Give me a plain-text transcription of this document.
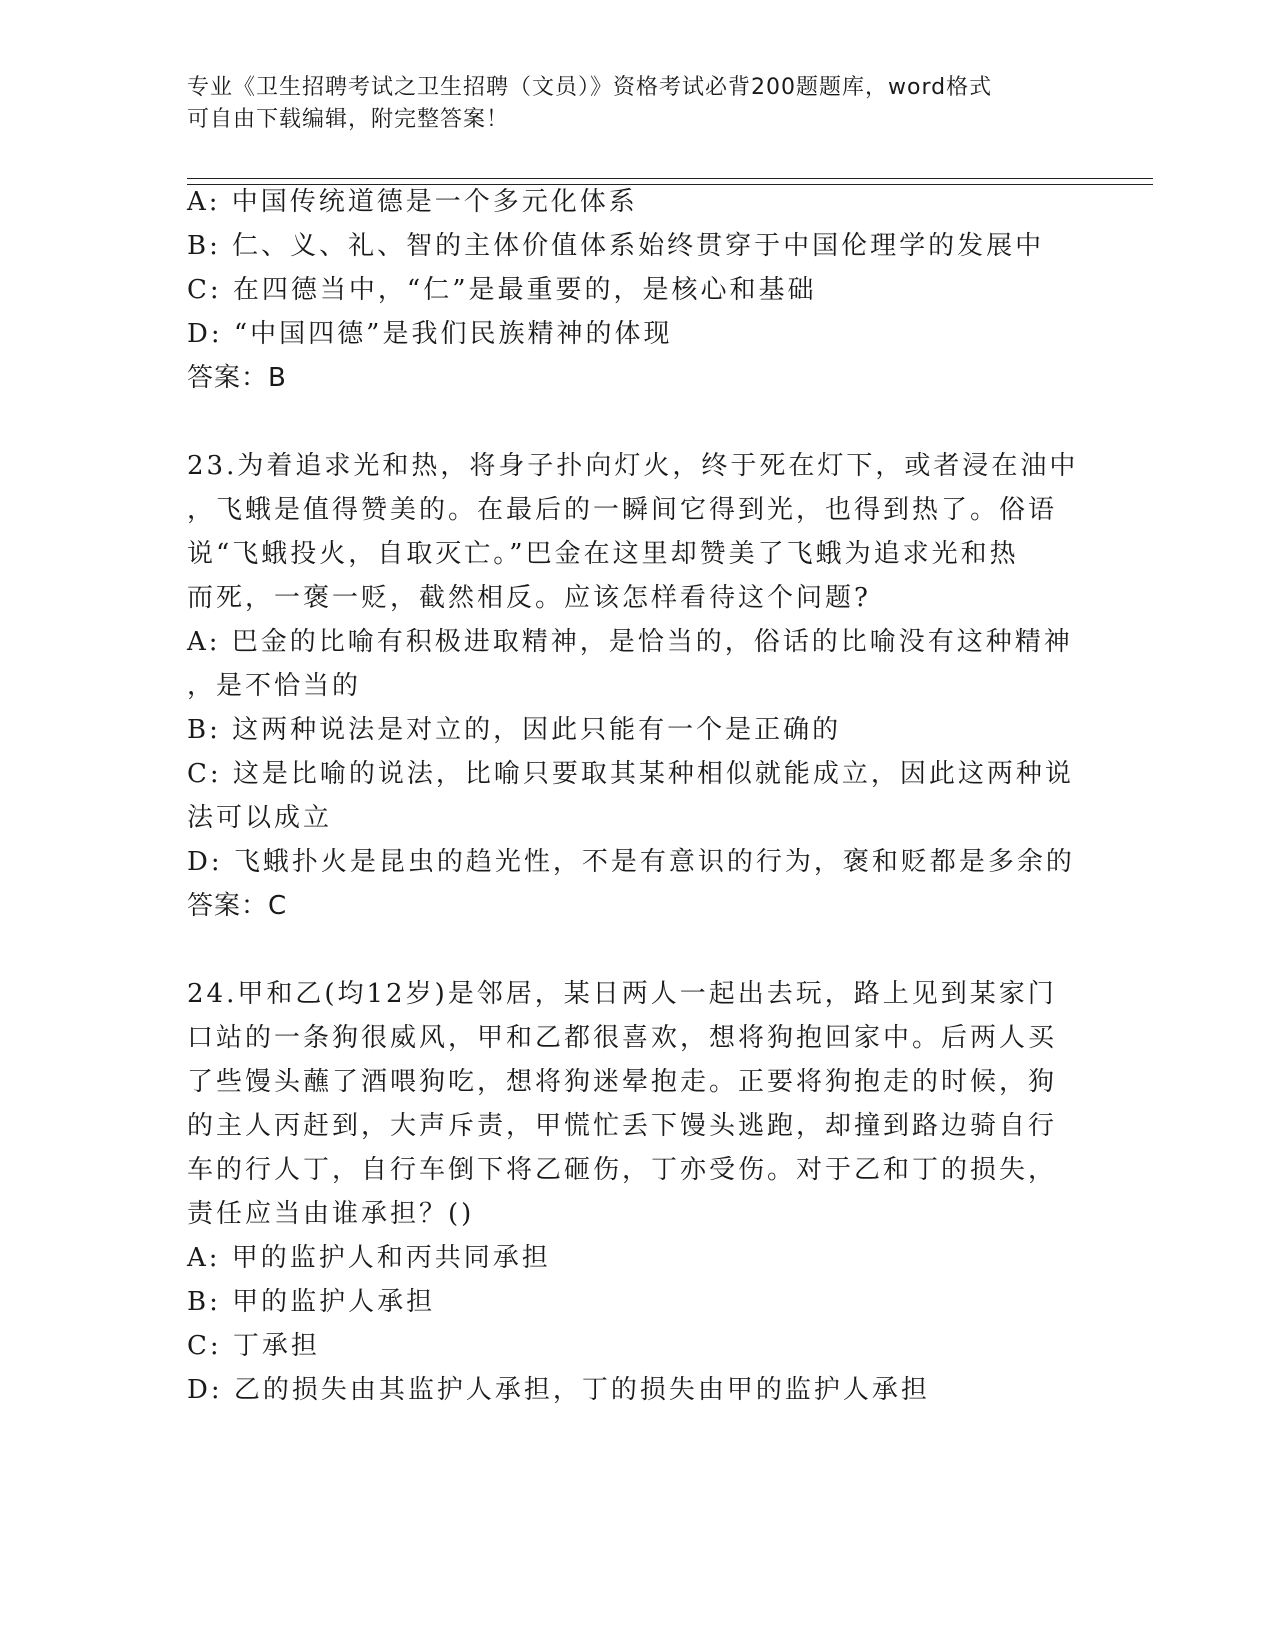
专业《卫生招聘考试之卫生招聘（文员）》资格考试必背200题题库，word格式
可自由下载编辑，附完整答案！
A: 中国传统道德是一个多元化体系
B: 仁、义、礼、智的主体价值体系始终贯穿于中国伦理学的发展中
C: 在四德当中，“仁”是最重要的，是核心和基础
D: “中国四德”是我们民族精神的体现
答案：B
23.为着追求光和热，将身子扑向灯火，终于死在灯下，或者浸在油中
，飞蛾是值得赞美的。在最后的一瞬间它得到光，也得到热了。俗语
说“飞蛾投火，自取灭亡。”巴金在这里却赞美了飞蛾为追求光和热
而死，一褒一贬，截然相反。应该怎样看待这个问题?
A: 巴金的比喻有积极进取精神，是恰当的，俗话的比喻没有这种精神
，是不恰当的
B: 这两种说法是对立的，因此只能有一个是正确的
C: 这是比喻的说法，比喻只要取其某种相似就能成立，因此这两种说
法可以成立
D: 飞蛾扑火是昆虫的趋光性，不是有意识的行为，褒和贬都是多余的
答案：C
24.甲和乙(均12岁)是邻居，某日两人一起出去玩，路上见到某家门
口站的一条狗很威风，甲和乙都很喜欢，想将狗抱回家中。后两人买
了些馒头蘸了酒喂狗吃，想将狗迷晕抱走。正要将狗抱走的时候，狗
的主人丙赶到，大声斥责，甲慌忙丢下馒头逃跑，却撞到路边骑自行
车的行人丁，自行车倒下将乙砸伤，丁亦受伤。对于乙和丁的损失，
责任应当由谁承担？()
A: 甲的监护人和丙共同承担
B: 甲的监护人承担
C: 丁承担
D: 乙的损失由其监护人承担，丁的损失由甲的监护人承担
